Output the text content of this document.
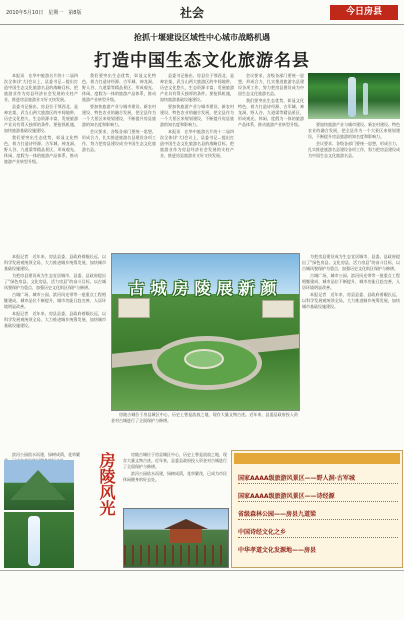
2010年5月10日　星期一　第8版	社会	今日房县
抢抓十堰建设区域性中心城市战略机遇
打造中国生态文化旅游名县

本报讯　在华中旅游名片的十二届四次全体(扩大)会议上，县委书记…提出打造中国生态文化旅游名县的战略目标，把旅游业作为房县经济社会发展的支柱产业，推进房县旅游业又好又快发展。

县委书记指出，房县位于鄂西北，是神农架、武当山两大旅游区的中间地带，历史文化悠久，生态资源丰富，发展旅游产业具有得天独厚的条件。要抢抓机遇，加快旅游基础设施建设。

我们要突出生态优势，彰显文化特色，着力打造诗经源、古军城、神龙洞、野人谷、九道梁等精品景区，形成观光、休闲、度假为一体的旅游产品体系，推动旅游产业转型升级。

我们要突出生态优势，彰显文化特色，着力打造诗经源、古军城、神龙洞、野人谷、九道梁等精品景区，形成观光、休闲、度假为一体的旅游产品体系，推动旅游产业转型升级。

要加快旅游产业与城市建设、新农村建设、特色农业的融合发展，把全县作为一个大景区来规划建设，不断提升房县旅游的知名度和影响力。

会议要求，各级各部门要统一思想，形成合力，扎实推进旅游名县建设各项工作，努力把房县建设成为中国生态文化旅游名县。

县委书记指出，房县位于鄂西北，是神农架、武当山两大旅游区的中间地带，历史文化悠久，生态资源丰富，发展旅游产业具有得天独厚的条件。要抢抓机遇，加快旅游基础设施建设。

要加快旅游产业与城市建设、新农村建设、特色农业的融合发展，把全县作为一个大景区来规划建设，不断提升房县旅游的知名度和影响力。

本报讯　在华中旅游名片的十二届四次全体(扩大)会议上，县委书记…提出打造中国生态文化旅游名县的战略目标，把旅游业作为房县经济社会发展的支柱产业，推进房县旅游业又好又快发展。

会议要求，各级各部门要统一思想，形成合力，扎实推进旅游名县建设各项工作，努力把房县建设成为中国生态文化旅游名县。

我们要突出生态优势，彰显文化特色，着力打造诗经源、古军城、神龙洞、野人谷、九道梁等精品景区，形成观光、休闲、度假为一体的旅游产品体系，推动旅游产业转型升级。	要加快旅游产业与城市建设、新农村建设、特色农业的融合发展，把全县作为一个大景区来规划建设，不断提升房县旅游的知名度和影响力。

会议要求，各级各部门要统一思想，形成合力，扎实推进旅游名县建设各项工作，努力把房县建设成为中国生态文化旅游名县。

本报记者　近年来，房县县委、县政府着眼长远，以科学发展观统领全局，大力推进城乡统筹发展，加快城市基础设施建设。

为把房县建设成为生态宜居城市，县委、县政府提出了“绿色房县、文化房县、活力房县”的奋斗目标，以古城风貌保护为重点，加强历史文化街区保护与修缮。

古城广场、城市公园、滨河风光带等一批重点工程相继建成，城市品位不断提升，城市功能日趋完善，人居环境明显改善。

本报记者　近年来，房县县委、县政府着眼长远，以科学发展观统领全局，大力推进城乡统筹发展，加快城市基础设施建设。

古城房陵展新颜

为把房县建设成为生态宜居城市，县委、县政府提出了“绿色房县、文化房县、活力房县”的奋斗目标，以古城风貌保护为重点，加强历史文化街区保护与修缮。

古城广场、城市公园、滨河风光带等一批重点工程相继建成，城市品位不断提升，城市功能日趋完善，人居环境明显改善。

本报记者　近年来，房县县委、县政府着眼长远，以科学发展观统领全局，大力推进城乡统筹发展，加快城市基础设施建设。

房陵古城位于房县城区中心，历史上曾是流放之地，现存大量文物古迹。近年来，县委县政府投入资金对古城进行了全面保护与修缮。

滨河公园依水而建，绿树成荫，花草繁 房陵风光	房陵古城位于房县城区中心，历史上曾是流放之地，现存大量文物古迹。近年来，县委县政府投入资金对古城进行了全面保护与修缮。

滨河公园依水而建，绿树成荫，花草繁茂，已成为市民休闲健身的好去处。	国家AAAA级旅游风景区——野人洞·古军城
国家AAAA级旅游风景区——诗经源
省级森林公园——房县九道梁
中国诗经文化之乡
中华孝道文化发源地——房县
